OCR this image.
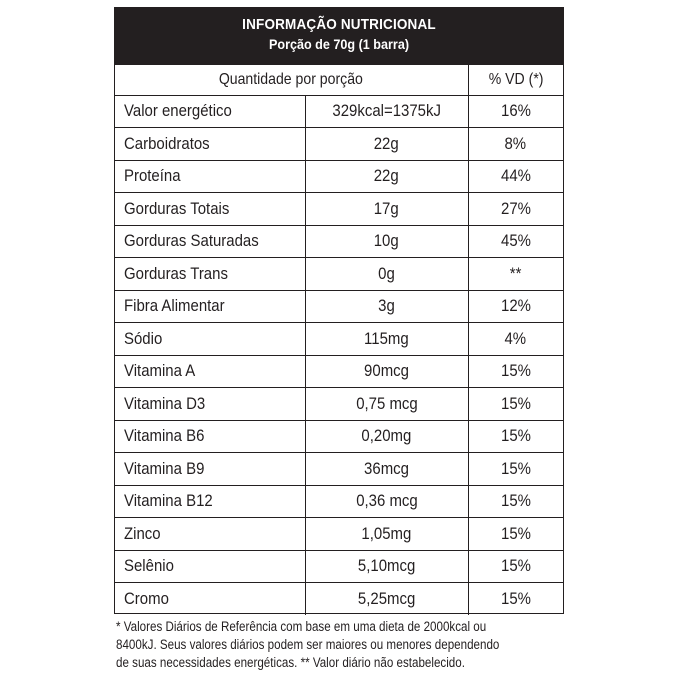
INFORMAÇÃO NUTRICIONAL
Porção de 70g (1 barra)
Quantidade por porção		% VD (*)
Valor energético	329kcal=1375kJ	16%
Carboidratos	22g	8%
Proteína	22g	44%
Gorduras Totais	17g	27%
Gorduras Saturadas	10g	45%
Gorduras Trans	0g	**
Fibra Alimentar	3g	12%
Sódio	115mg	4%
Vitamina A	90mcg	15%
Vitamina D3	0,75 mcg	15%
Vitamina B6	0,20mg	15%
Vitamina B9	36mcg	15%
Vitamina B12	0,36 mcg	15%
Zinco	1,05mg	15%
Selênio	5,10mcg	15%
Cromo	5,25mcg	15%
* Valores Diários de Referência com base em uma dieta de 2000kcal ou
8400kJ. Seus valores diários podem ser maiores ou menores dependendo
de suas necessidades energéticas. ** Valor diário não estabelecido.
